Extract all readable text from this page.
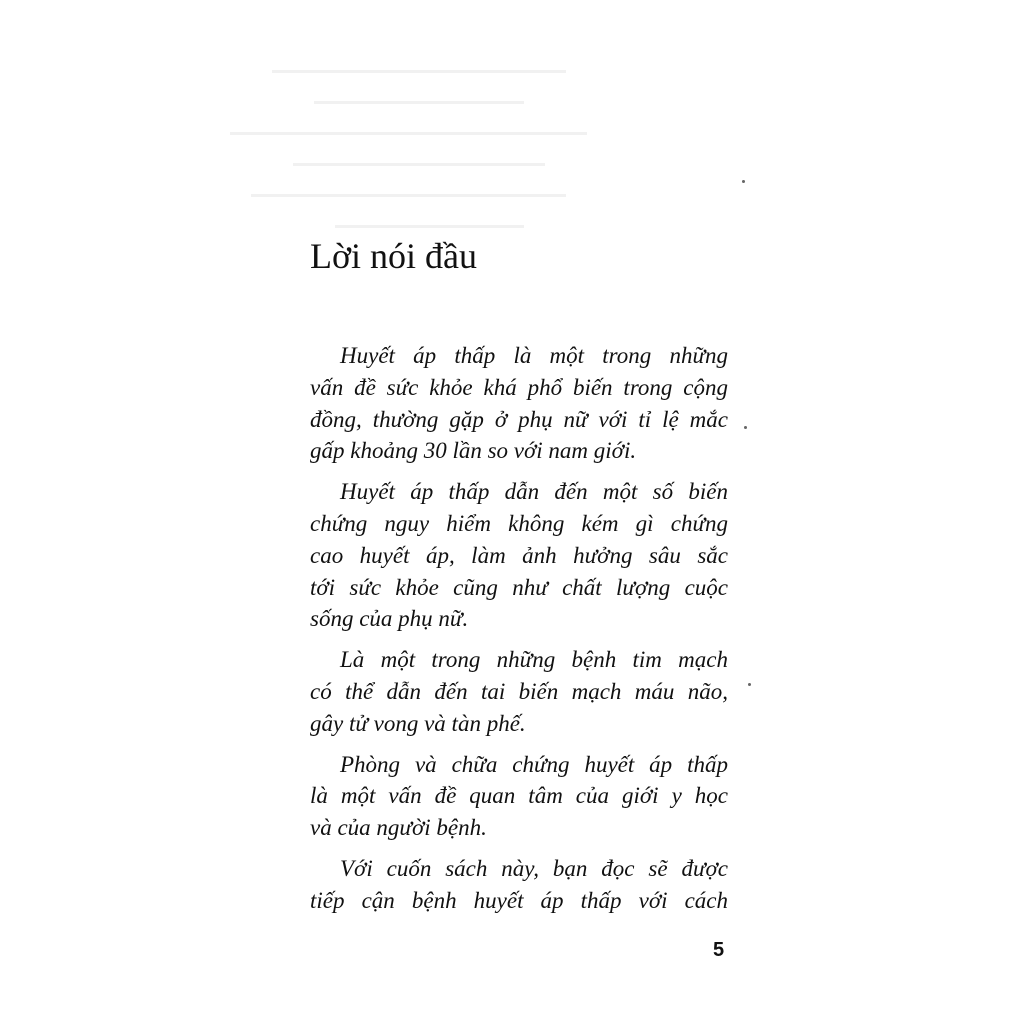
Lời nói đầu

Huyết áp thấp là một trong những
vấn đề sức khỏe khá phổ biến trong cộng
đồng, thường gặp ở phụ nữ với tỉ lệ mắc
gấp khoảng 30 lần so với nam giới.

Huyết áp thấp dẫn đến một số biến
chứng nguy hiểm không kém gì chứng
cao huyết áp, làm ảnh hưởng sâu sắc
tới sức khỏe cũng như chất lượng cuộc
sống của phụ nữ.

Là một trong những bệnh tim mạch
có thể dẫn đến tai biến mạch máu não,
gây tử vong và tàn phế.

Phòng và chữa chứng huyết áp thấp
là một vấn đề quan tâm của giới y học
và của người bệnh.

Với cuốn sách này, bạn đọc sẽ được
tiếp cận bệnh huyết áp thấp với cách

5
